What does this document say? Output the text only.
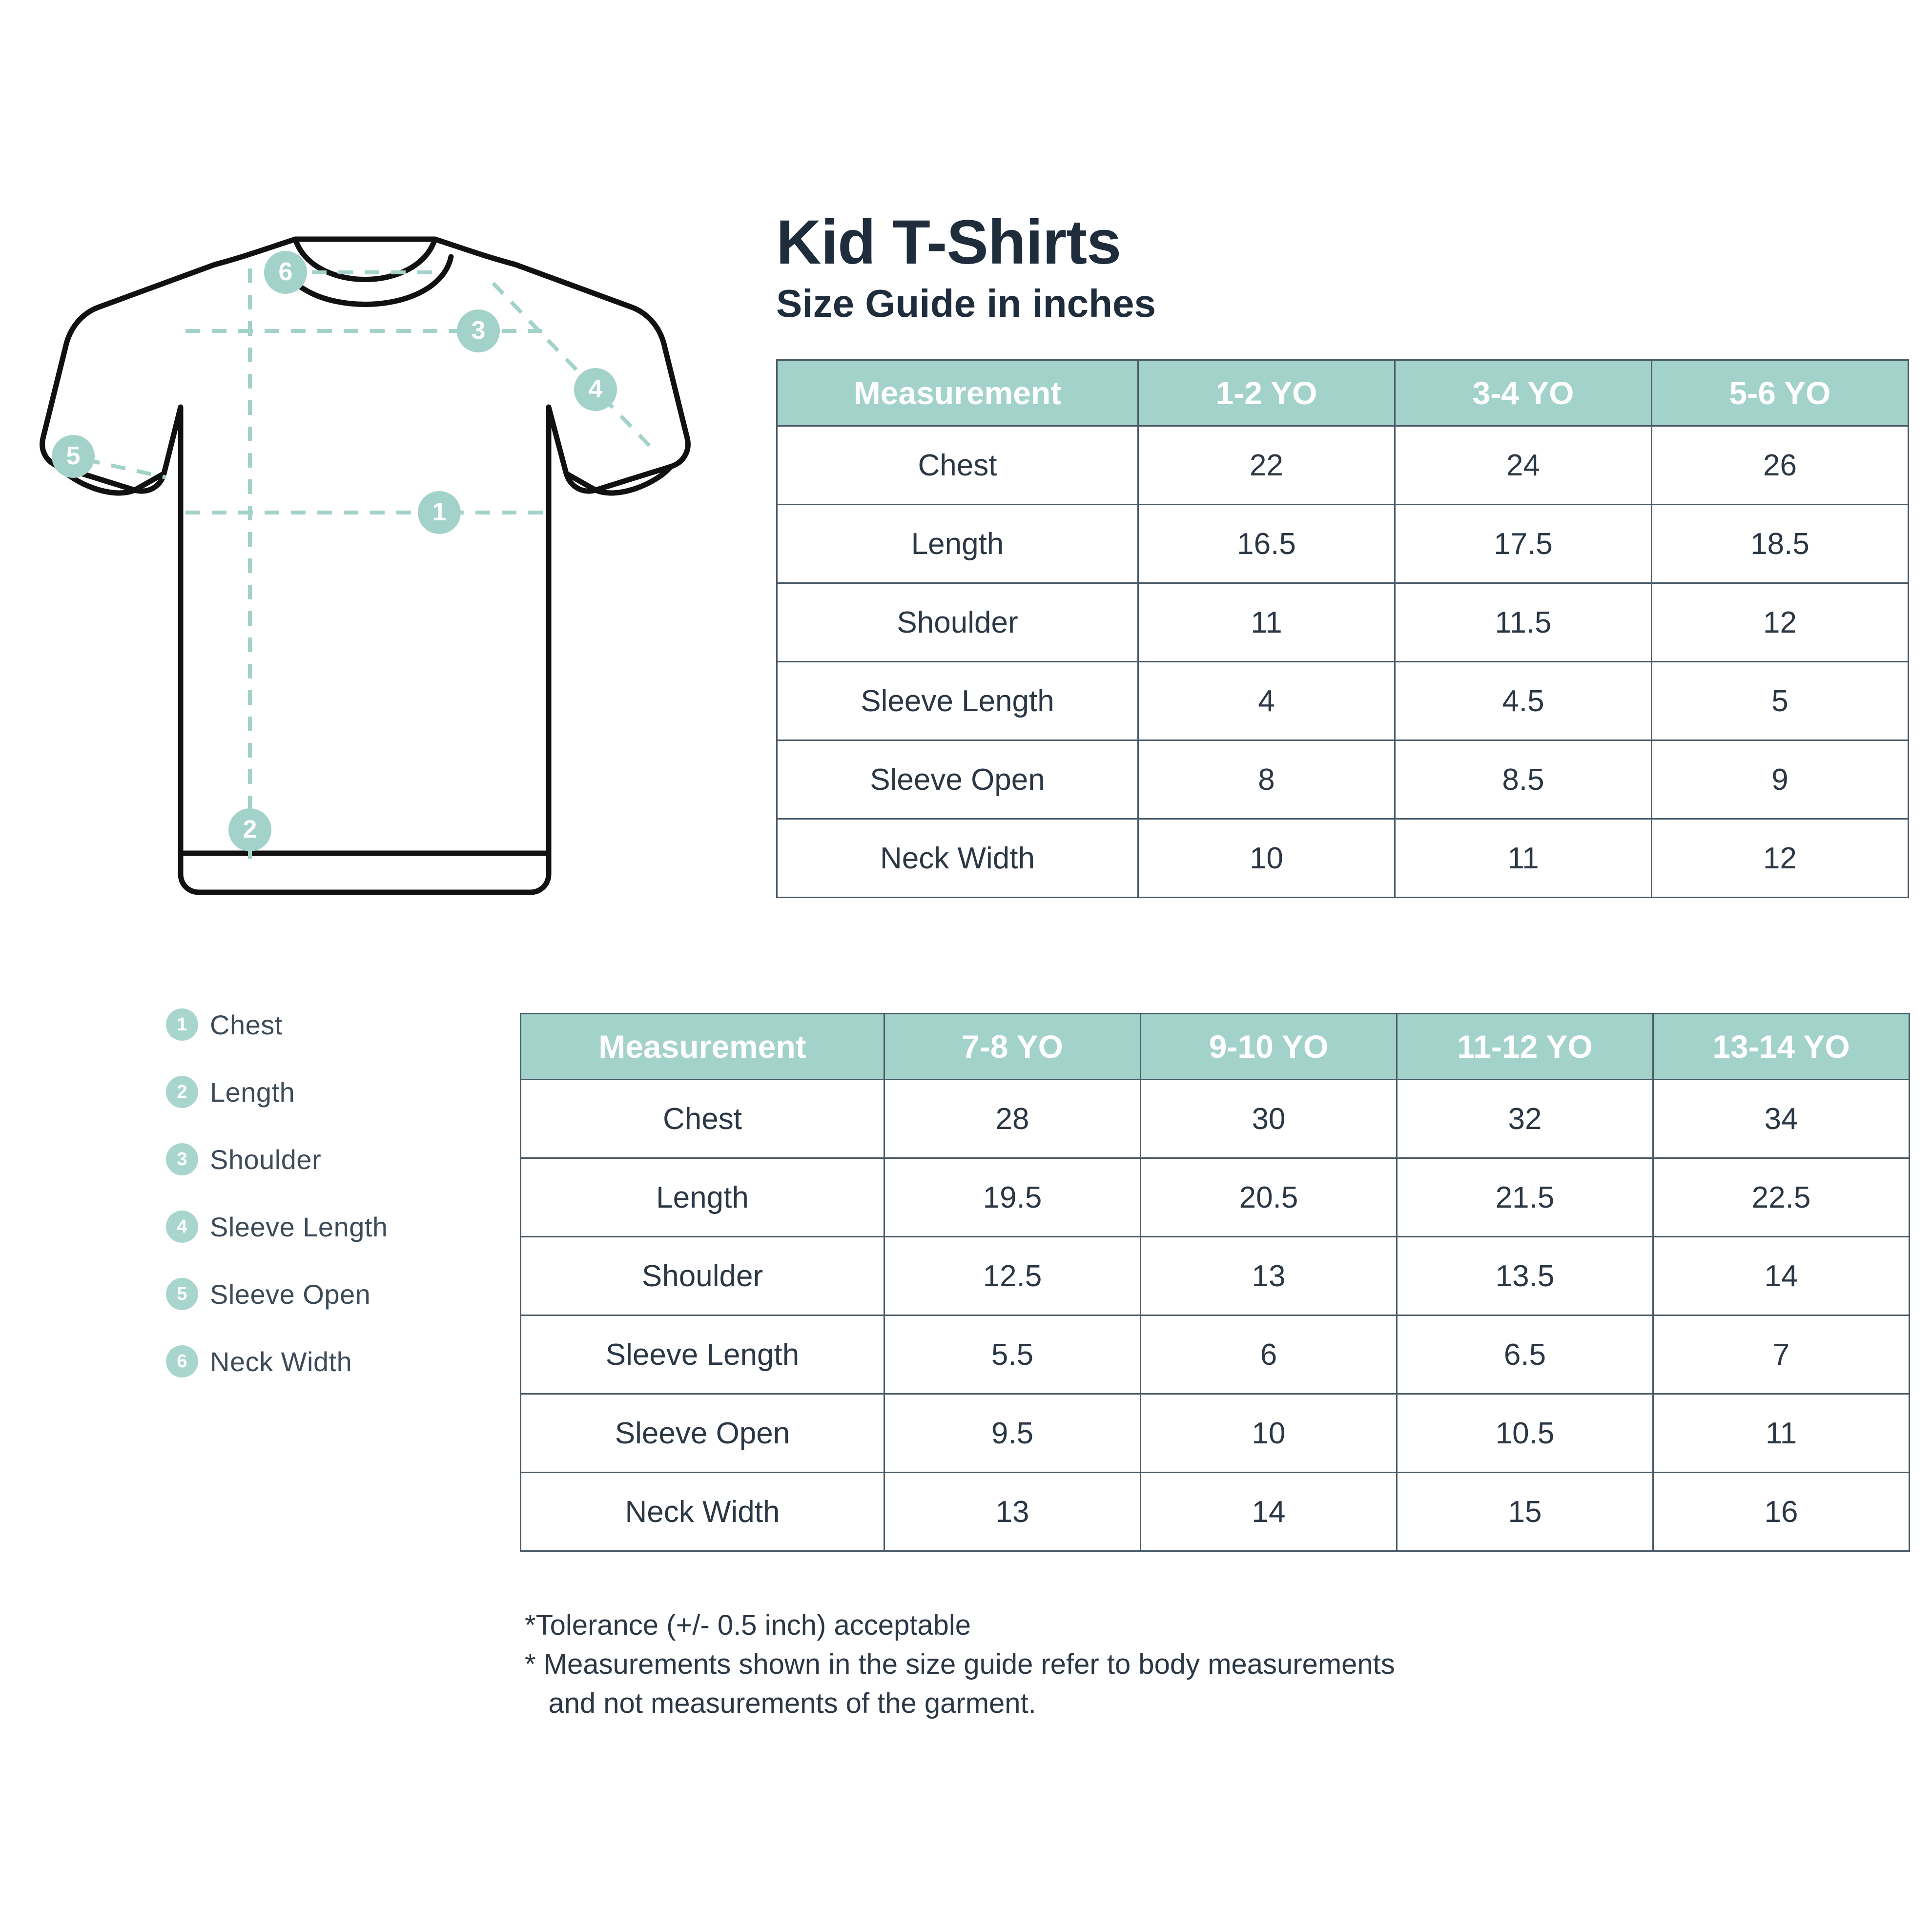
1
2
3
4
5
6
1 Chest
2 Length
3 Shoulder
4 Sleeve Length
5 Sleeve Open
6 Neck Width
Kid T-Shirts
Size Guide in inches
Measurement	1-2 YO	3-4 YO	5-6 YO
Chest	22	24	26
Length	16.5	17.5	18.5
Shoulder	11	11.5	12
Sleeve Length	4	4.5	5
Sleeve Open	8	8.5	9
Neck Width	10	11	12
Measurement	7-8 YO	9-10 YO	11-12 YO	13-14 YO
Chest	28	30	32	34
Length	19.5	20.5	21.5	22.5
Shoulder	12.5	13	13.5	14
Sleeve Length	5.5	6	6.5	7
Sleeve Open	9.5	10	10.5	11
Neck Width	13	14	15	16
*Tolerance (+/- 0.5 inch) acceptable
* Measurements shown in the size guide refer to body measurements
and not measurements of the garment.
